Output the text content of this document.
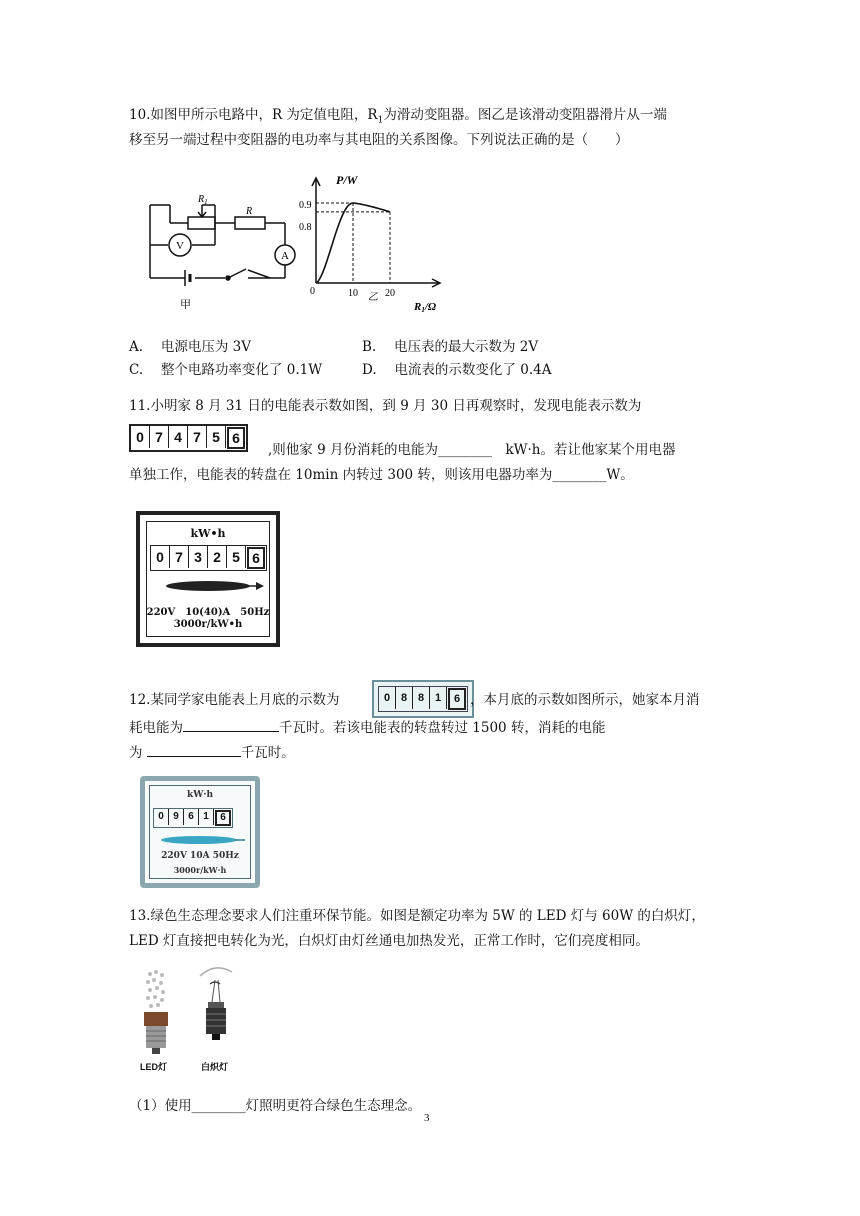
10.如图甲所示电路中，R 为定值电阻，$R_1$为滑动变阻器。图乙是该滑动变阻器滑片从一端
移至另一端过程中变阻器的电功率与其电阻的关系图像。下列说法正确的是（　　）
$R_1$
R
V
A
甲
P/W
0.9
0.8
0	10	20
乙
R1/Ω
A.　 电源电压为 3V	B.　 电压表的最大示数为 2V
C.　 整个电路功率变化了 0.1W	D.　 电流表的示数变化了 0.4A
11.小明家 8 月 31 日的电能表示数如图，到 9 月 30 日再观察时，发现电能表示数为
0 7 4 7 5 6
,则他家 9 月份消耗的电能为________　kW·h。若让他家某个用电器
单独工作，电能表的转盘在 10min 内转过 300 转，则该用电器功率为________W。
kW•h
0 7 3 2 5 6
220V　10(40)A　50Hz
3000r/kW•h
12.某同学家电能表上月底的示数为	0 8 8 1	6 ，本月底的示数如图所示，她家本月消
耗电能为	千瓦时。若该电能表的转盘转过 1500 转，消耗的电能
为	千瓦时。
kW·h
0 9 6 1	6
220V 10A 50Hz
3000r/kW·h
13.绿色生态理念要求人们注重环保节能。如图是额定功率为 5W 的 LED 灯与 60W 的白炽灯，
LED 灯直接把电转化为光，白炽灯由灯丝通电加热发光，正常工作时，它们亮度相同。
LED灯	白炽灯
（1）使用________灯照明更符合绿色生态理念。
3
